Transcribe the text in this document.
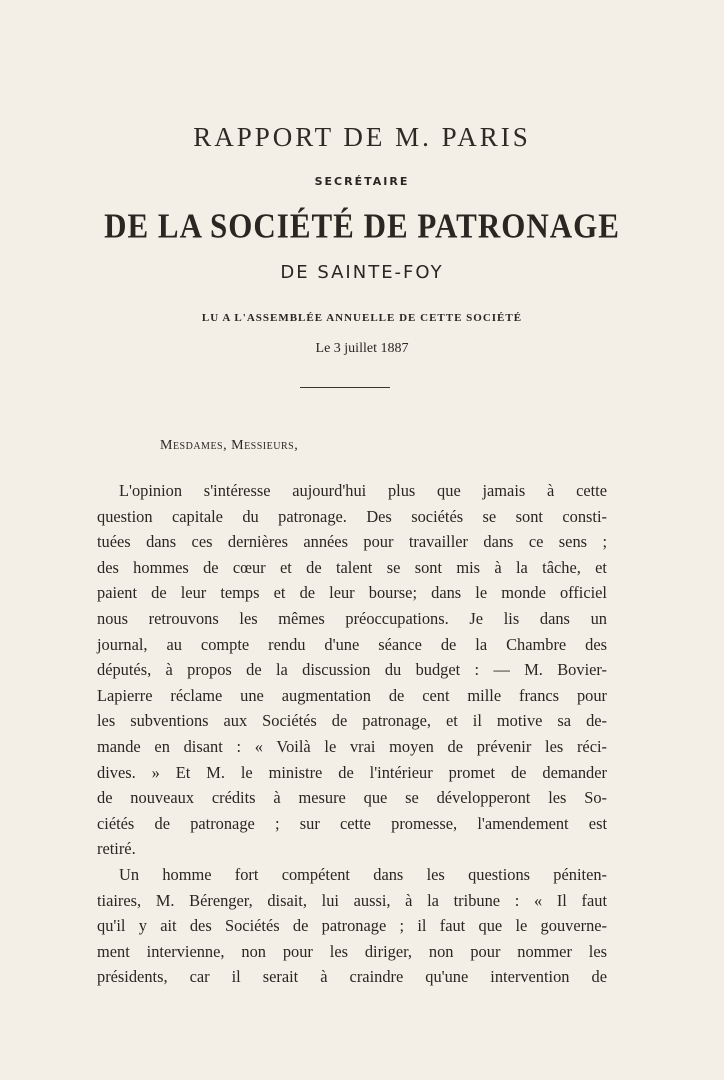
RAPPORT DE M. PARIS
SECRÉTAIRE
DE LA SOCIÉTÉ DE PATRONAGE
DE SAINTE-FOY
LU A L'ASSEMBLÉE ANNUELLE DE CETTE SOCIÉTÉ
Le 3 juillet 1887
Mesdames, Messieurs,
L'opinion s'intéresse aujourd'hui plus que jamais à cette
question capitale du patronage. Des sociétés se sont consti-
tuées dans ces dernières années pour travailler dans ce sens ;
des hommes de cœur et de talent se sont mis à la tâche, et
paient de leur temps et de leur bourse; dans le monde officiel
nous retrouvons les mêmes préoccupations. Je lis dans un
journal, au compte rendu d'une séance de la Chambre des
députés, à propos de la discussion du budget : — M. Bovier-
Lapierre réclame une augmentation de cent mille francs pour
les subventions aux Sociétés de patronage, et il motive sa de-
mande en disant : « Voilà le vrai moyen de prévenir les réci-
dives. » Et M. le ministre de l'intérieur promet de demander
de nouveaux crédits à mesure que se développeront les So-
ciétés de patronage ; sur cette promesse, l'amendement est
retiré.
Un homme fort compétent dans les questions péniten-
tiaires, M. Bérenger, disait, lui aussi, à la tribune : « Il faut
qu'il y ait des Sociétés de patronage ; il faut que le gouverne-
ment intervienne, non pour les diriger, non pour nommer les
présidents, car il serait à craindre qu'une intervention de
